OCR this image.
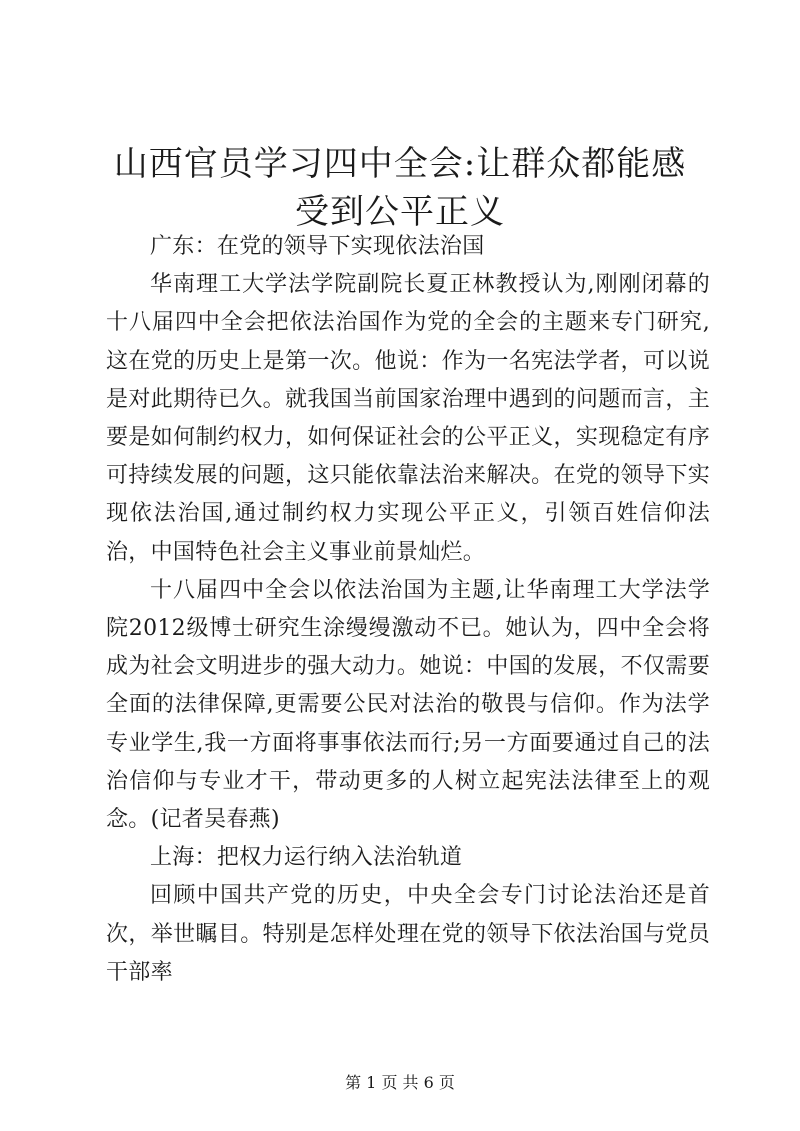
山西官员学习四中全会:让群众都能感受到公平正义

广东：在党的领导下实现依法治国

华南理工大学法学院副院长夏正林教授认为,刚刚闭幕的十八届四中全会把依法治国作为党的全会的主题来专门研究,这在党的历史上是第一次。他说：作为一名宪法学者，可以说是对此期待已久。就我国当前国家治理中遇到的问题而言，主要是如何制约权力，如何保证社会的公平正义，实现稳定有序可持续发展的问题，这只能依靠法治来解决。在党的领导下实现依法治国,通过制约权力实现公平正义，引领百姓信仰法治，中国特色社会主义事业前景灿烂。

十八届四中全会以依法治国为主题,让华南理工大学法学院2012级博士研究生涂缦缦激动不已。她认为，四中全会将成为社会文明进步的强大动力。她说：中国的发展，不仅需要全面的法律保障,更需要公民对法治的敬畏与信仰。作为法学专业学生,我一方面将事事依法而行;另一方面要通过自己的法治信仰与专业才干，带动更多的人树立起宪法法律至上的观念。(记者吴春燕)

上海：把权力运行纳入法治轨道

回顾中国共产党的历史，中央全会专门讨论法治还是首次，举世瞩目。特别是怎样处理在党的领导下依法治国与党员干部率

第 1 页 共 6 页
